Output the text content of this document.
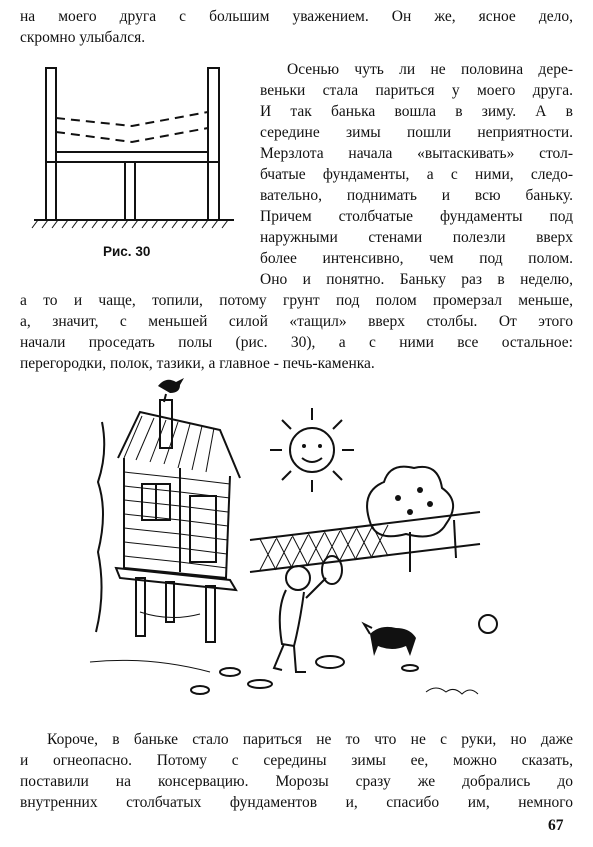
на моего друга с большим уважением. Он же, ясное дело,
скромно улыбался.
Рис. 30
Осенью чуть ли не половина дере-
веньки стала париться у моего друга.
И так банька вошла в зиму. А в
середине зимы пошли неприятности.
Мерзлота начала «вытаскивать» стол-
бчатые фундаменты, а с ними, следо-
вательно, поднимать и всю баньку.
Причем столбчатые фундаменты под
наружными стенами полезли вверх
более интенсивно, чем под полом.
Оно и понятно. Баньку раз в неделю,
а то и чаще, топили, потому грунт под полом промерзал меньше,
а, значит, с меньшей силой «тащил» вверх столбы. От этого
начали проседать полы (рис. 30), а с ними все остальное:
перегородки, полок, тазики, а главное - печь-каменка.
Короче, в баньке стало париться не то что не с руки, но даже
и огнеопасно. Потому с середины зимы ее, можно сказать,
поставили на консервацию. Морозы сразу же добрались до
внутренних столбчатых фундаментов и, спасибо им, немного
67
